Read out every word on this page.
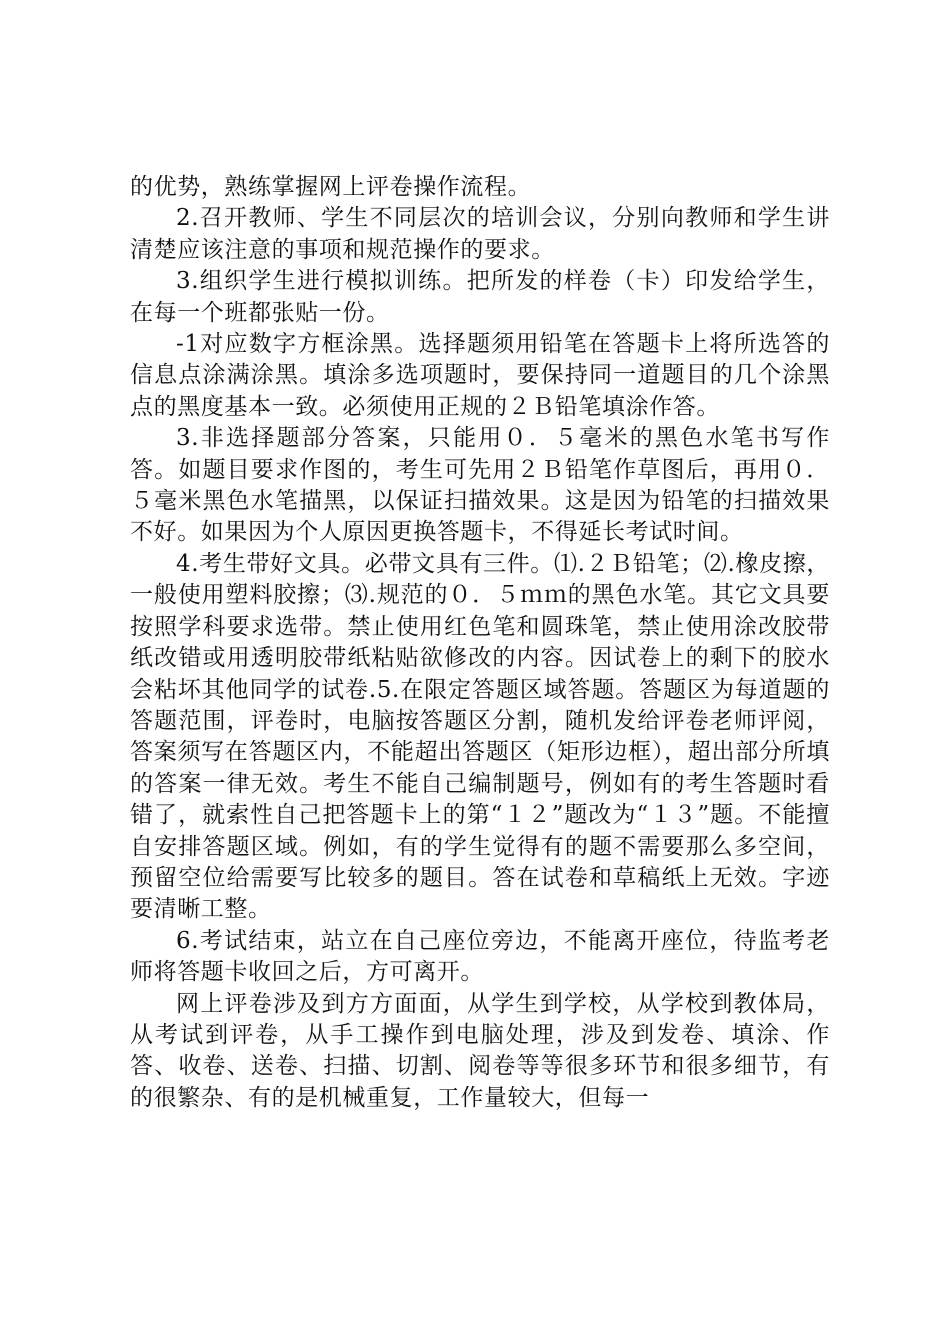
的优势，熟练掌握网上评卷操作流程。

2.召开教师、学生不同层次的培训会议，分别向教师和学生讲清楚应该注意的事项和规范操作的要求。

3.组织学生进行模拟训练。把所发的样卷（卡）印发给学生，在每一个班都张贴一份。

-1对应数字方框涂黑。选择题须用铅笔在答题卡上将所选答的信息点涂满涂黑。填涂多选项题时，要保持同一道题目的几个涂黑点的黑度基本一致。必须使用正规的２Ｂ铅笔填涂作答。

3.非选择题部分答案，只能用０．５毫米的黑色水笔书写作答。如题目要求作图的，考生可先用２Ｂ铅笔作草图后，再用０．５毫米黑色水笔描黑，以保证扫描效果。这是因为铅笔的扫描效果不好。如果因为个人原因更换答题卡，不得延长考试时间。

4.考生带好文具。必带文具有三件。⑴.２Ｂ铅笔；⑵.橡皮擦，一般使用塑料胶擦；⑶.规范的０．５ｍｍ的黑色水笔。其它文具要按照学科要求选带。禁止使用红色笔和圆珠笔，禁止使用涂改胶带纸改错或用透明胶带纸粘贴欲修改的内容。因试卷上的剩下的胶水会粘坏其他同学的试卷.5.在限定答题区域答题。答题区为每道题的答题范围，评卷时，电脑按答题区分割，随机发给评卷老师评阅，答案须写在答题区内，不能超出答题区（矩形边框），超出部分所填的答案一律无效。考生不能自己编制题号，例如有的考生答题时看错了，就索性自己把答题卡上的第“１２”题改为“１３”题。不能擅自安排答题区域。例如，有的学生觉得有的题不需要那么多空间，预留空位给需要写比较多的题目。答在试卷和草稿纸上无效。字迹要清晰工整。

6.考试结束，站立在自己座位旁边，不能离开座位，待监考老师将答题卡收回之后，方可离开。

网上评卷涉及到方方面面，从学生到学校，从学校到教体局，从考试到评卷，从手工操作到电脑处理，涉及到发卷、填涂、作答、收卷、送卷、扫描、切割、阅卷等等很多环节和很多细节，有的很繁杂、有的是机械重复，工作量较大，但每一
